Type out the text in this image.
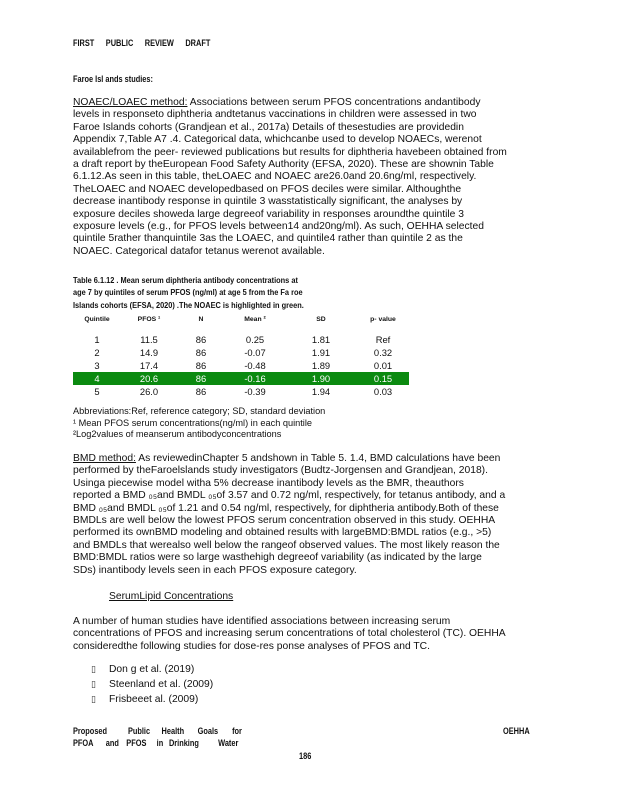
FIRST PUBLIC REVIEW DRAFT
Faroe Isl ands studies:
NOAEC/LOAEC method: Associations between serum PFOS concentrations andantibody
levels in responseto diphtheria andtetanus vaccinations in children were assessed in two
Faroe Islands cohorts (Grandjean et al., 2017a) Details of thesestudies are providedin
Appendix 7,Table A7 .4. Categorical data, whichcanbe used to develop NOAECs, werenot
availablefrom the peer- reviewed publications but results for diphtheria havebeen obtained from
a draft report by theEuropean Food Safety Authority (EFSA, 2020). These are shownin Table
6.1.12.As seen in this table, theLOAEC and NOAEC are26.0and 20.6ng/ml, respectively.
TheLOAEC and NOAEC developedbased on PFOS deciles were similar. Althoughthe
decrease inantibody response in quintile 3 wasstatistically significant, the analyses by
exposure deciles showeda large degreeof variability in responses aroundthe quintile 3
exposure levels (e.g., for PFOS levels between14 and20ng/ml). As such, OEHHA selected
quintile 5rather thanquintile 3as the LOAEC, and quintile4 rather than quintile 2 as the
NOAEC. Categorical datafor tetanus werenot available.
Table 6.1.12 . Mean serum diphtheria antibody concentrations at
age 7 by quintiles of serum PFOS (ng/ml) at age 5 from the Fa roe
Islands cohorts (EFSA, 2020) .The NOAEC is highlighted in green.
Quintile	PFOS ¹	N	Mean ²	SD	p- value

1	11.5	86	0.25	1.81	Ref
2	14.9	86	-0.07	1.91	0.32
3	17.4	86	-0.48	1.89	0.01
4	20.6	86	-0.16	1.90	0.15
5	26.0	86	-0.39	1.94	0.03
Abbreviations:Ref, reference category; SD, standard deviation
¹ Mean PFOS serum concentrations(ng/ml) in each quintile
²Log2values of meanserum antibodyconcentrations
BMD method: As reviewedinChapter 5 andshown in Table 5. 1.4, BMD calculations have been
performed by theFaroelslands study investigators (Budtz-Jorgensen and Grandjean, 2018).
Usinga piecewise model witha 5% decrease inantibody levels as the BMR, theauthors
reported a BMD ₀₅and BMDL ₀₅of 3.57 and 0.72 ng/ml, respectively, for tetanus antibody, and a
BMD ₀₅and BMDL ₀₅of 1.21 and 0.54 ng/ml, respectively, for diphtheria antibody.Both of these
BMDLs are well below the lowest PFOS serum concentration observed in this study. OEHHA
performed its ownBMD modeling and obtained results with largeBMD:BMDL ratios (e.g., >5)
and BMDLs that werealso well below the rangeof observed values. The most likely reason the
BMD:BMDL ratios were so large wasthehigh degreeof variability (as indicated by the large
SDs) inantibody levels seen in each PFOS exposure category.
SerumLipid Concentrations
A number of human studies have identified associations between increasing serum
concentrations of PFOS and increasing serum concentrations of total cholesterol (TC). OEHHA
consideredthe following studies for dose-res ponse analyses of PFOS and TC.
▯ Don g et al. (2019)
▯ Steenland et al. (2009)
▯ Frisbeeet al. (2009)
Proposed Public Health Goals for
PFOA and PFOS in Drinking Water
OEHHA
186
